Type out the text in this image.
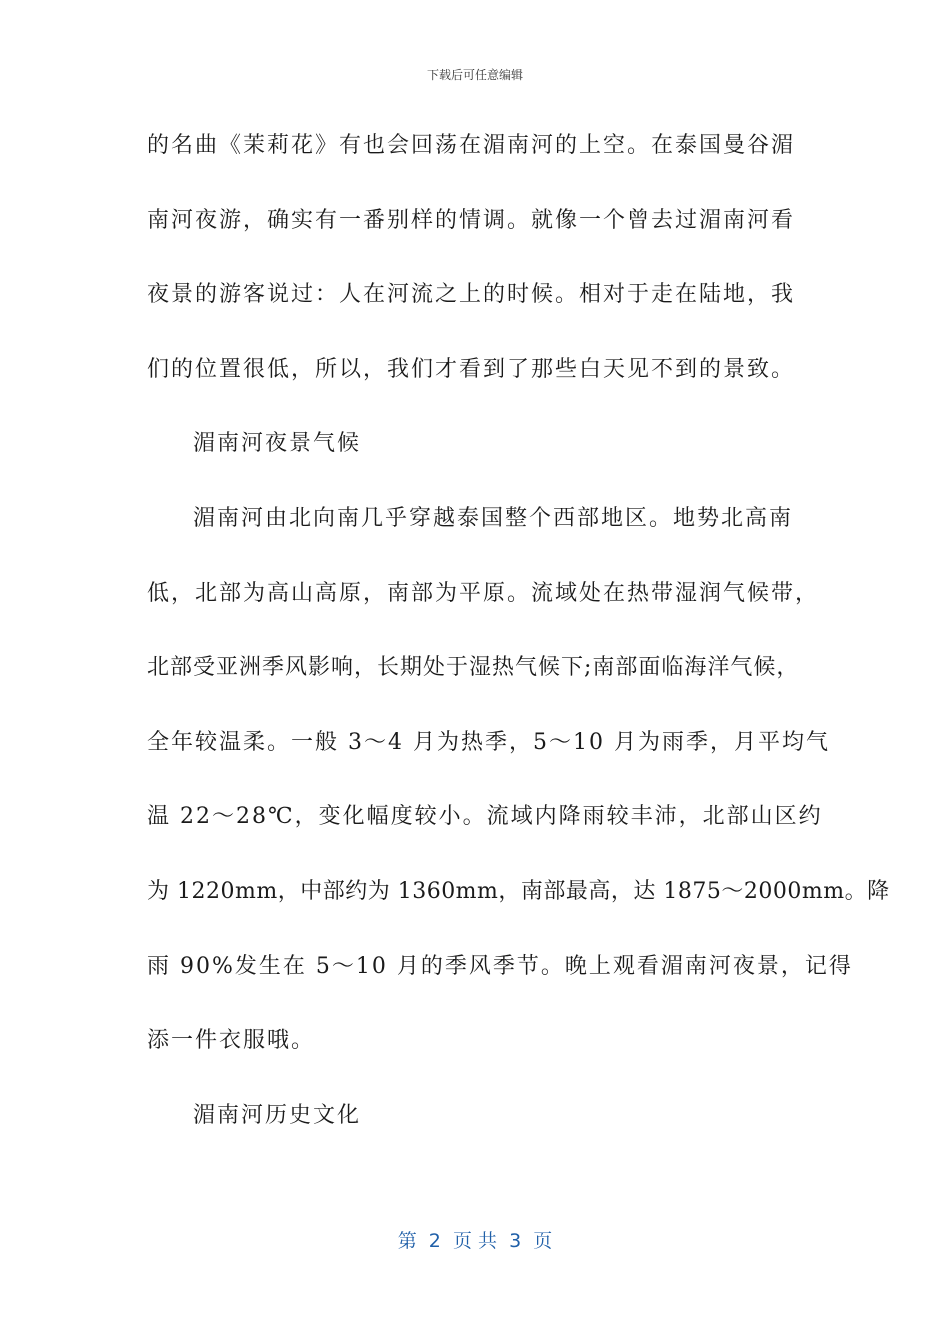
下载后可任意编辑
的名曲《茉莉花》有也会回荡在湄南河的上空。在泰国曼谷湄
南河夜游，确实有一番别样的情调。就像一个曾去过湄南河看
夜景的游客说过：人在河流之上的时候。相对于走在陆地，我
们的位置很低，所以，我们才看到了那些白天见不到的景致。
湄南河夜景气候
湄南河由北向南几乎穿越泰国整个西部地区。地势北高南
低，北部为高山高原，南部为平原。流域处在热带湿润气候带，
北部受亚洲季风影响，长期处于湿热气候下;南部面临海洋气候，
全年较温柔。一般 3～4 月为热季，5～10 月为雨季，月平均气
温 22～28℃，变化幅度较小。流域内降雨较丰沛，北部山区约
为 1220mm，中部约为 1360mm，南部最高，达 1875～2000mm。降
雨 90%发生在 5～10 月的季风季节。晚上观看湄南河夜景，记得
添一件衣服哦。
湄南河历史文化
第  2  页 共  3  页
